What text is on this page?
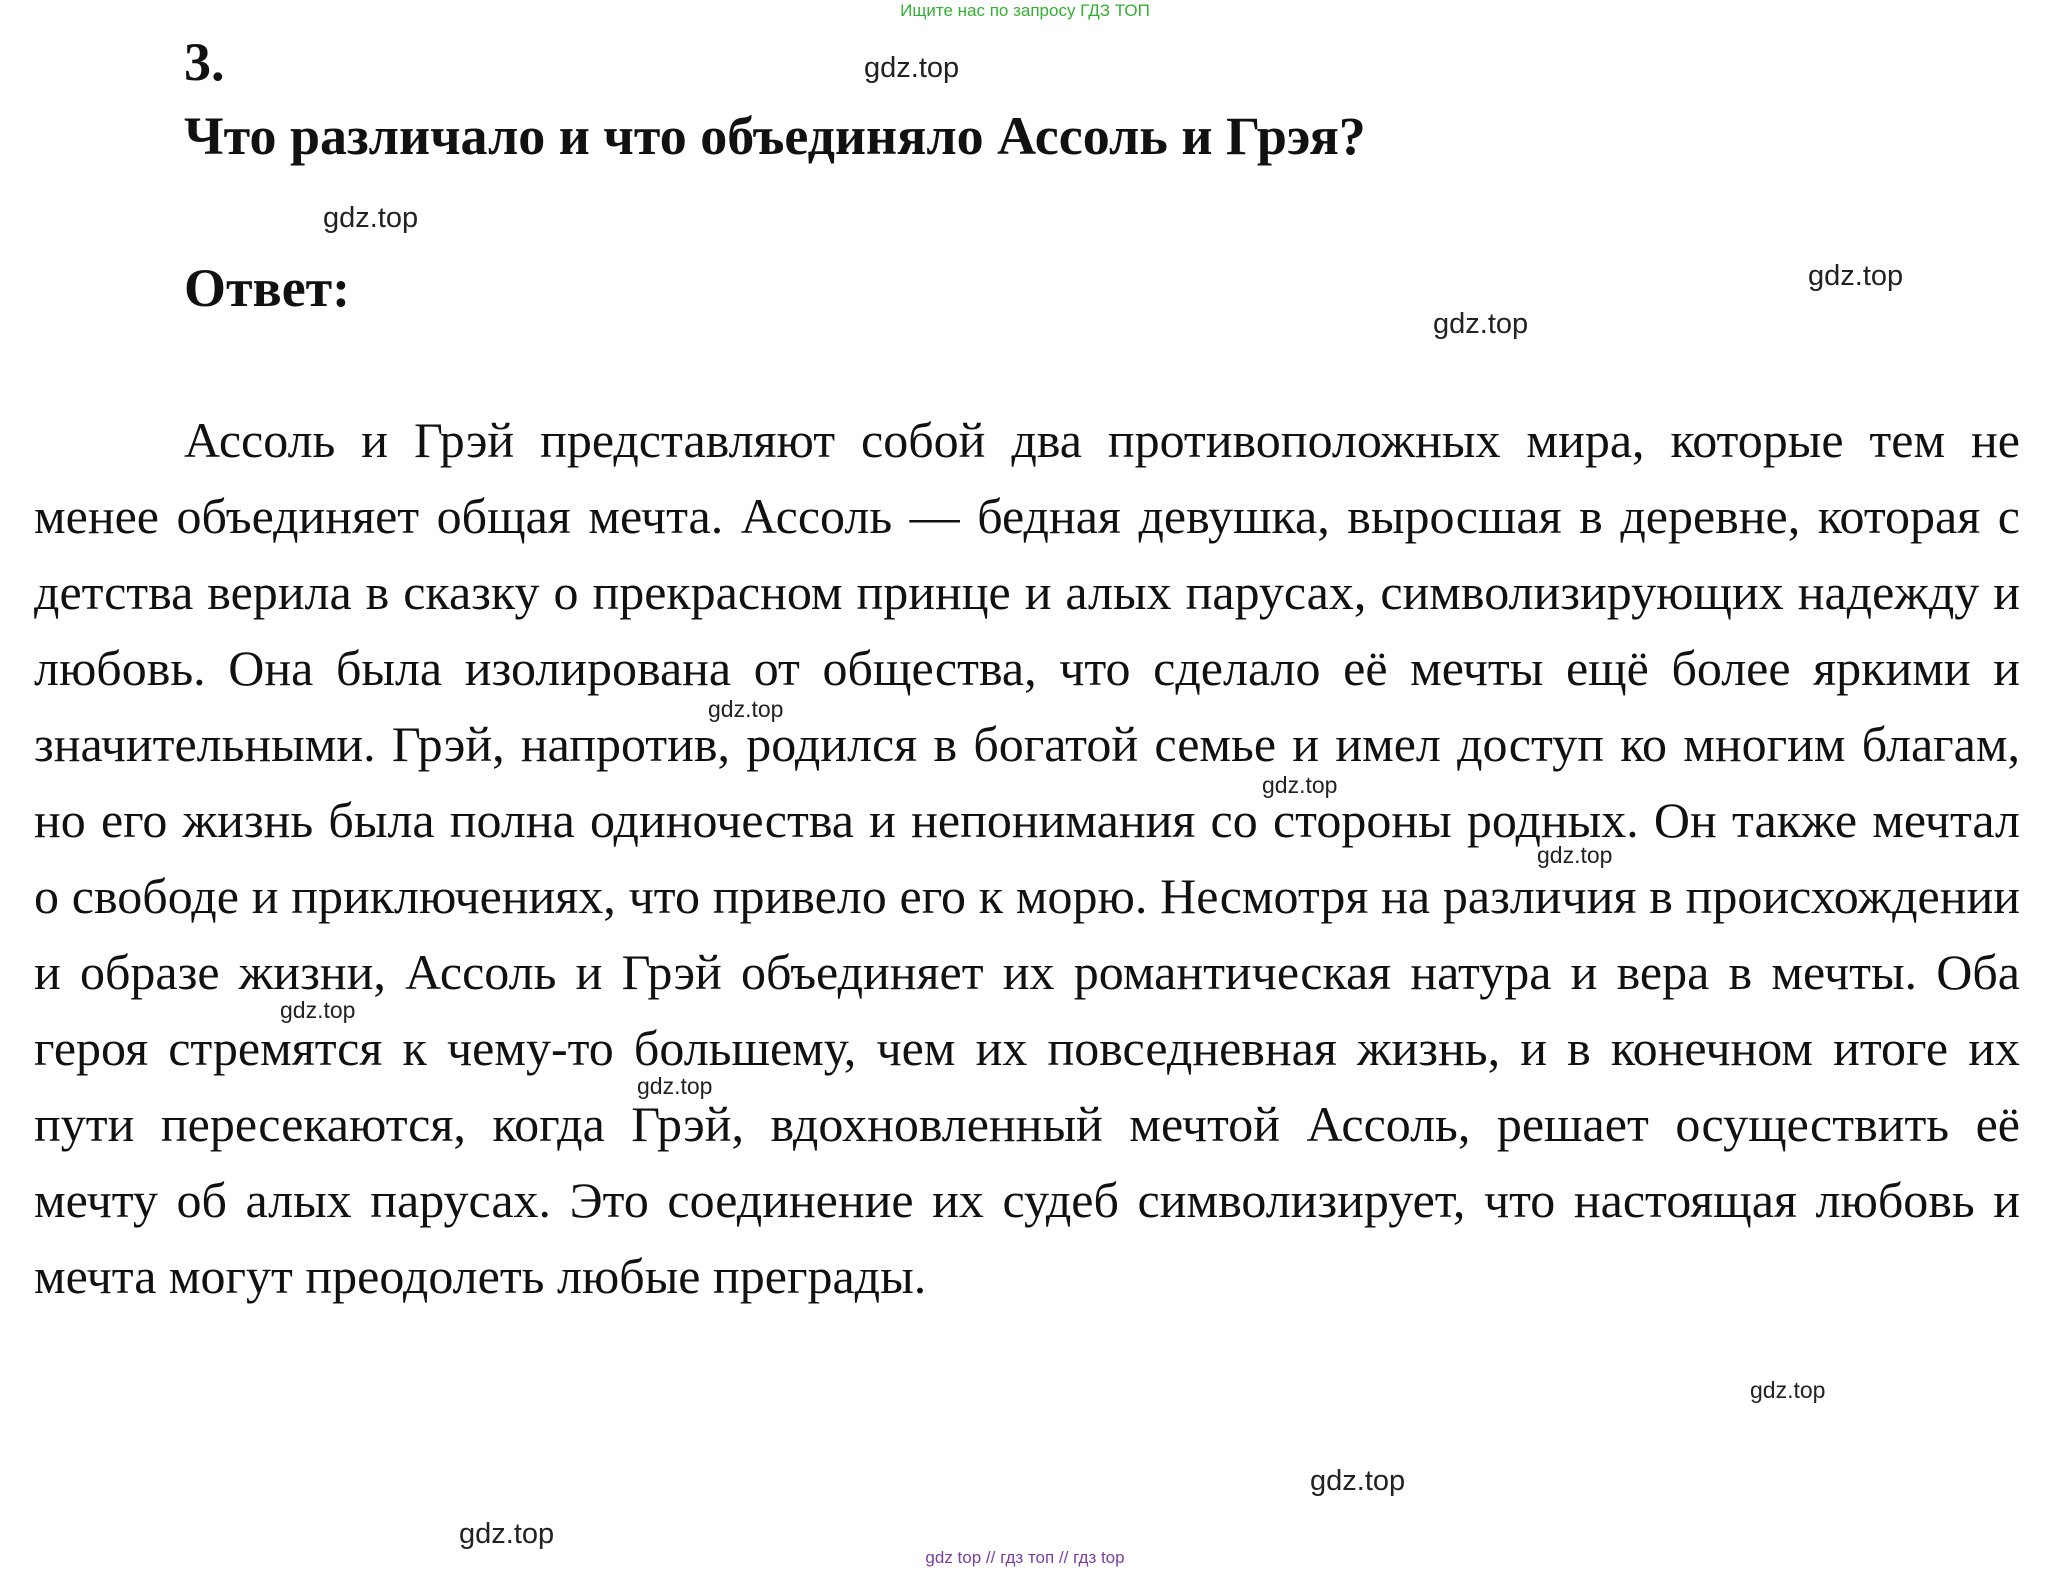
Ищите нас по запросу ГДЗ ТОП
3.
Что различало и что объединяло Ассоль и Грэя?
Ответ:

Ассоль и Грэй представляют собой два противоположных мира, которые тем не менее объединяет общая мечта. Ассоль — бедная девушка, выросшая в деревне, которая с детства верила в сказку о прекрасном принце и алых парусах, символизирующих надежду и любовь. Она была изолирована от общества, что сделало её мечты ещё более яркими и значительными. Грэй, напротив, родился в богатой семье и имел доступ ко многим благам, но его жизнь была полна одиночества и непонимания со стороны родных. Он также мечтал о свободе и приключениях, что привело его к морю. Несмотря на различия в происхождении и образе жизни, Ассоль и Грэй объединяет их романтическая натура и вера в мечты. Оба героя стремятся к чему-то большему, чем их повседневная жизнь, и в конечном итоге их пути пересекаются, когда Грэй, вдохновленный мечтой Ассоль, решает осуществить её мечту об алых парусах. Это соединение их судеб символизирует, что настоящая любовь и мечта могут преодолеть любые преграды.

gdz.top
gdz.top
gdz.top
gdz.top
gdz.top
gdz.top
gdz.top
gdz.top
gdz.top
gdz.top
gdz.top
gdz.top
gdz top // гдз топ // гдз top
